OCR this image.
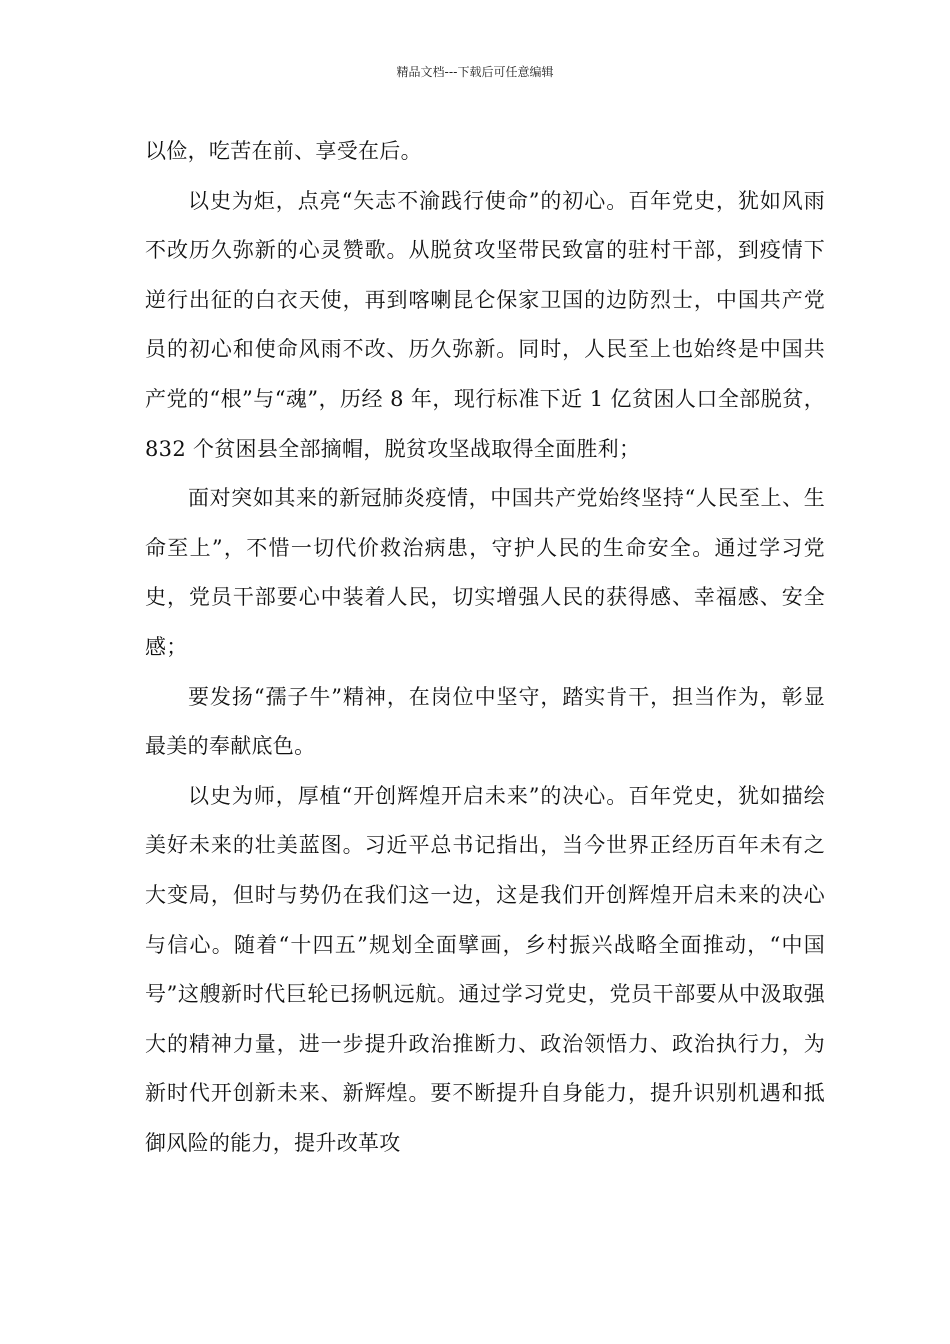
精品文档---下载后可任意编辑

以俭，吃苦在前、享受在后。

以史为炬，点亮“矢志不渝践行使命”的初心。百年党史，犹如风雨不改历久弥新的心灵赞歌。从脱贫攻坚带民致富的驻村干部，到疫情下逆行出征的白衣天使，再到喀喇昆仑保家卫国的边防烈士，中国共产党员的初心和使命风雨不改、历久弥新。同时，人民至上也始终是中国共产党的“根”与“魂”，历经 8 年，现行标准下近 1 亿贫困人口全部脱贫，832 个贫困县全部摘帽，脱贫攻坚战取得全面胜利；

面对突如其来的新冠肺炎疫情，中国共产党始终坚持“人民至上、生命至上”，不惜一切代价救治病患，守护人民的生命安全。通过学习党史，党员干部要心中装着人民，切实增强人民的获得感、幸福感、安全感；

要发扬“孺子牛”精神，在岗位中坚守，踏实肯干，担当作为，彰显最美的奉献底色。

以史为师，厚植“开创辉煌开启未来”的决心。百年党史，犹如描绘美好未来的壮美蓝图。习近平总书记指出，当今世界正经历百年未有之大变局，但时与势仍在我们这一边，这是我们开创辉煌开启未来的决心与信心。随着“十四五”规划全面擘画，乡村振兴战略全面推动，“中国号”这艘新时代巨轮已扬帆远航。通过学习党史，党员干部要从中汲取强大的精神力量，进一步提升政治推断力、政治领悟力、政治执行力，为新时代开创新未来、新辉煌。要不断提升自身能力，提升识别机遇和抵御风险的能力，提升改革攻
